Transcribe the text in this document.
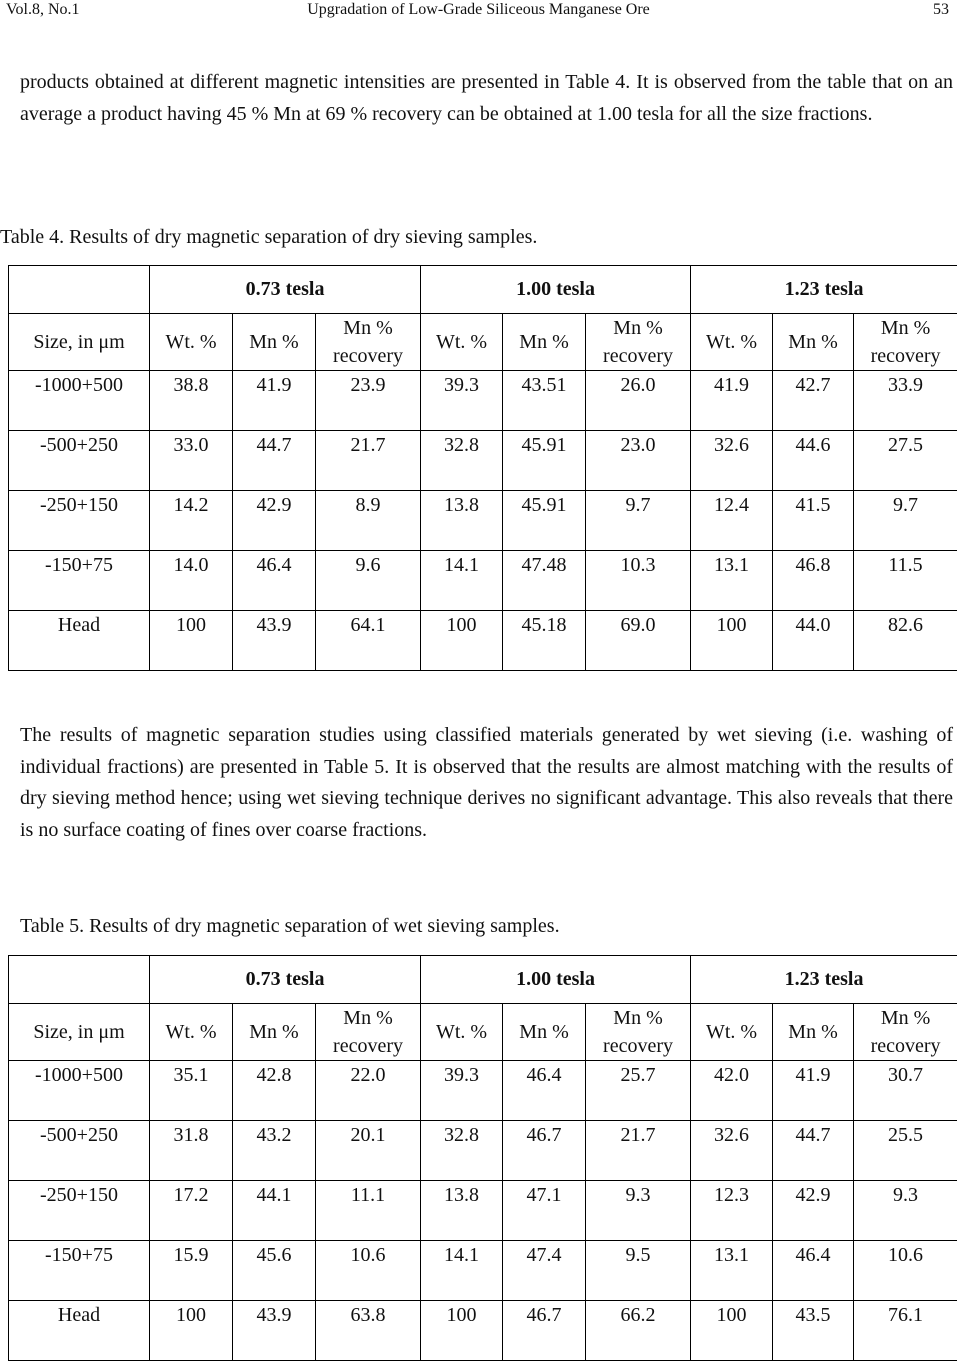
Upgradation of Low-Grade Siliceous Manganese Ore
Vol.8, No.1	53

products obtained at different magnetic intensities are presented in Table 4. It is observed from the table that on an average a product having 45 % Mn at 69 % recovery can be obtained at 1.00 tesla for all the size fractions.

Table 4. Results of dry magnetic separation of dry sieving samples.

	0.73 tesla			1.00 tesla			1.23 tesla		
Size, in μm	Wt. %	Mn %	Mn % recovery	Wt. %	Mn %	Mn % recovery	Wt. %	Mn %	Mn % recovery
-1000+500	38.8	41.9	23.9	39.3	43.51	26.0	41.9	42.7	33.9
-500+250	33.0	44.7	21.7	32.8	45.91	23.0	32.6	44.6	27.5
-250+150	14.2	42.9	8.9	13.8	45.91	9.7	12.4	41.5	9.7
-150+75	14.0	46.4	9.6	14.1	47.48	10.3	13.1	46.8	11.5
Head	100	43.9	64.1	100	45.18	69.0	100	44.0	82.6

The results of magnetic separation studies using classified materials generated by wet sieving (i.e. washing of individual fractions) are presented in Table 5. It is observed that the results are almost matching with the results of dry sieving method hence; using wet sieving technique derives no significant advantage. This also reveals that there is no surface coating of fines over coarse fractions.

Table 5. Results of dry magnetic separation of wet sieving samples.

	0.73 tesla			1.00 tesla			1.23 tesla		
Size, in μm	Wt. %	Mn %	Mn % recovery	Wt. %	Mn %	Mn % recovery	Wt. %	Mn %	Mn % recovery
-1000+500	35.1	42.8	22.0	39.3	46.4	25.7	42.0	41.9	30.7
-500+250	31.8	43.2	20.1	32.8	46.7	21.7	32.6	44.7	25.5
-250+150	17.2	44.1	11.1	13.8	47.1	9.3	12.3	42.9	9.3
-150+75	15.9	45.6	10.6	14.1	47.4	9.5	13.1	46.4	10.6
Head	100	43.9	63.8	100	46.7	66.2	100	43.5	76.1
